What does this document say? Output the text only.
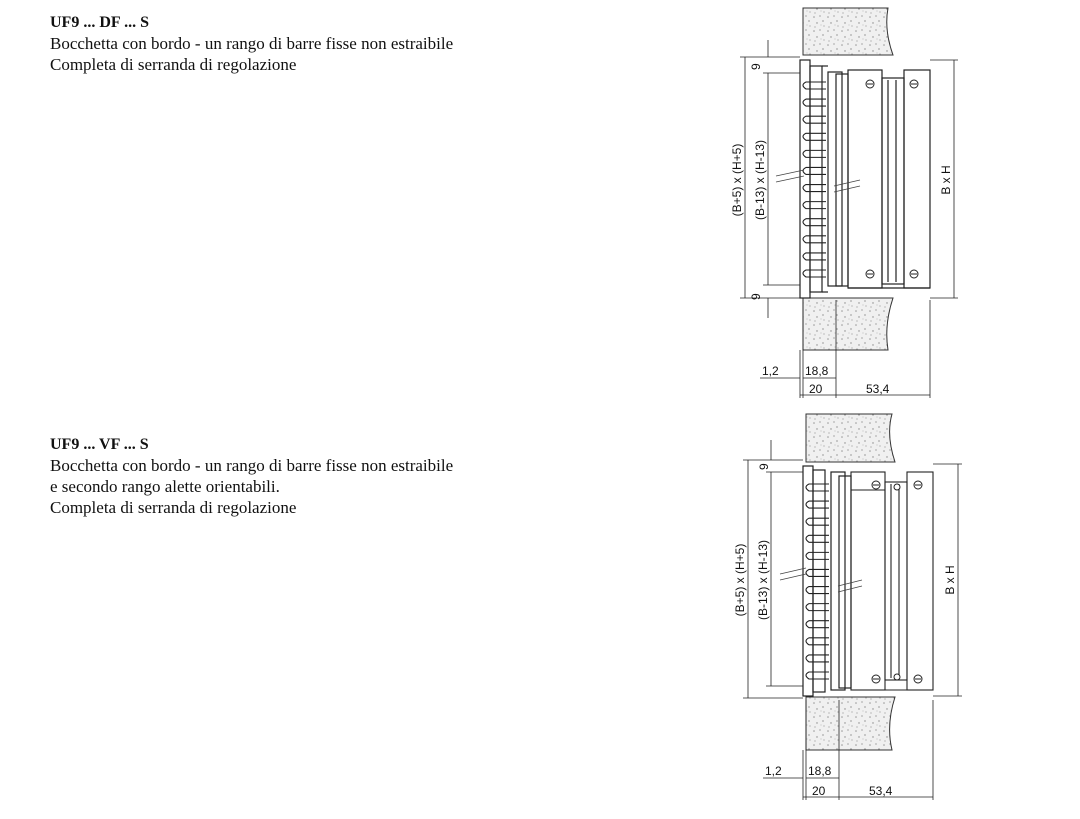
UF9 ... DF ... S
Bocchetta con bordo - un rango di barre fisse non estraibile
Completa di serranda di regolazione
UF9 ... VF ... S
Bocchetta con bordo - un rango di barre fisse non estraibile
e secondo rango alette orientabili.
Completa di serranda di regolazione
9
9
(B+5) x (H+5) (B-13) x (H-13)	B x H
1,2 18,8
20	53,4
9
(B+5) x (H+5) (B-13) x (H-13)	B x H
1,2 18,8
20	53,4
